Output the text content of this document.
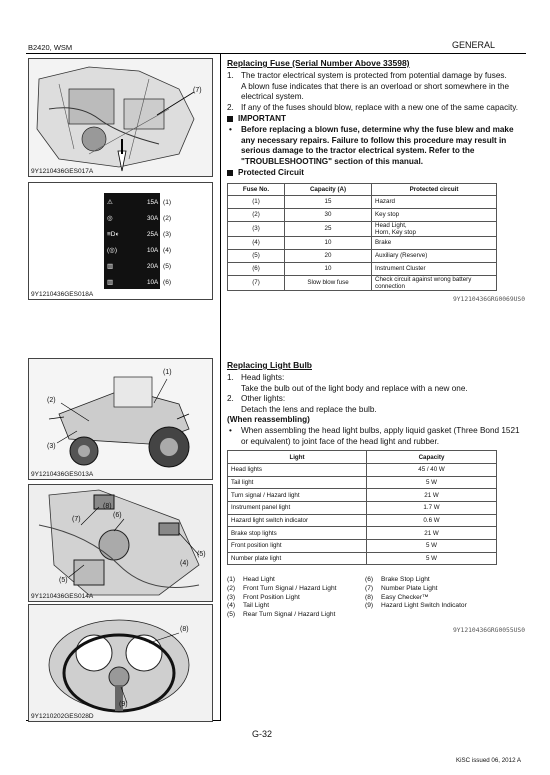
B2420, WSM	GENERAL
(7)
9Y1210436GES017A
⚠
◎
≡D◐
(◎)
▥
▥
15A
30A
25A
10A
20A
10A
(1)
(2)
(3)
(4)
(5)
(6)
9Y1210436GES018A
(1)
(2)
(3)
9Y1210436GES013A
(7)
(8)
(6)
(4)
(5)
(5)
9Y1210436GES014A
(8)
(9)
9Y1210202GES028D
Replacing Fuse (Serial Number Above 33598)
1. The tractor electrical system is protected from potential damage by fuses.
A blown fuse indicates that there is an overload or short somewhere in the electrical system.
2. If any of the fuses should blow, replace with a new one of the same capacity.
IMPORTANT
• Before replacing a blown fuse, determine why the fuse blew and make any necessary repairs. Failure to follow this procedure may result in serious damage to the tractor electrical system. Refer to the "TROUBLESHOOTING" section of this manual.
Protected Circuit
Fuse No.	Capacity (A)	Protected circuit
(1)	15	Hazard
(2)	30	Key stop
(3)	25	Head Light,
Horn, Key stop
(4)	10	Brake
(5)	20	Auxiliary (Reserve)
(6)	10	Instrument Cluster
(7)	Slow blow fuse	Check circuit against wrong battery connection
9Y1210436GRG0069US0
Replacing Light Bulb
1. Head lights:
Take the bulb out of the light body and replace with a new one.
2. Other lights:
Detach the lens and replace the bulb.
(When reassembling)
• When assembling the head light bulbs, apply liquid gasket (Three Bond 1521 or equivalent) to joint face of the head light and rubber.
Light	Capacity
Head lights	45 / 40 W
Tail light	5 W
Turn signal / Hazard light	21 W
Instrument panel light	1.7 W
Hazard light switch indicator	0.6 W
Brake stop lights	21 W
Front position light	5 W
Number plate light	5 W
(1) Head Light
(2) Front Turn Signal / Hazard Light
(3) Front Position Light
(4) Tail Light
(5) Rear Turn Signal / Hazard Light
(6) Brake Stop Light
(7) Number Plate Light
(8) Easy Checker™
(9) Hazard Light Switch Indicator
9Y1210436GRG0055US0
G-32
KiSC issued 06, 2012 A
